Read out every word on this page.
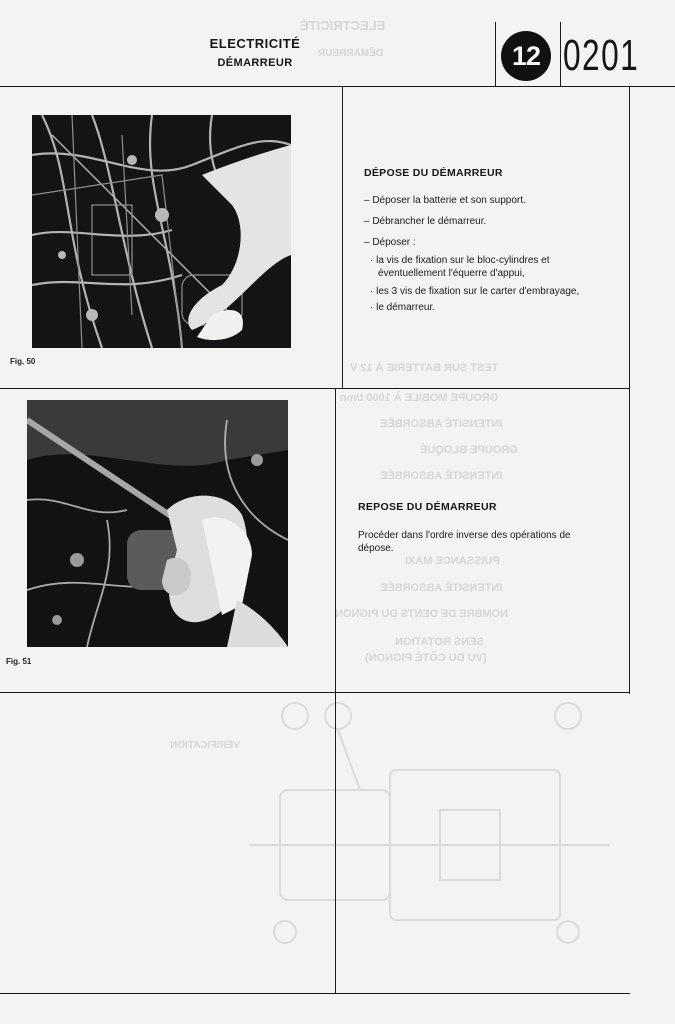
ELECTRICITÉ
DÉMARREUR
TEST SUR BATTERIE À 12 V
GROUPE MOBILE À 1000 t/mn
INTENSITÉ ABSORBÉE
GROUPE BLOQUÉ
INTENSITÉ ABSORBÉE
PUISSANCE MAXI
INTENSITÉ ABSORBÉE
NOMBRE DE DENTS DU PIGNON
SENS ROTATION
(VU DU CÔTÉ PIGNON)
VÉRIFICATION
ELECTRICITÉ
DÉMARREUR	12 0201
Fig. 50
Fig. 51
DÉPOSE DU DÉMARREUR
– Déposer la batterie et son support.
– Débrancher le démarreur.
– Déposer :
· la vis de fixation sur le bloc-cylindres et
éventuellement l'équerre d'appui,
· les 3 vis de fixation sur le carter d'embrayage,
· le démarreur.
REPOSE DU DÉMARREUR
Procéder dans l'ordre inverse des opérations de
dépose.
